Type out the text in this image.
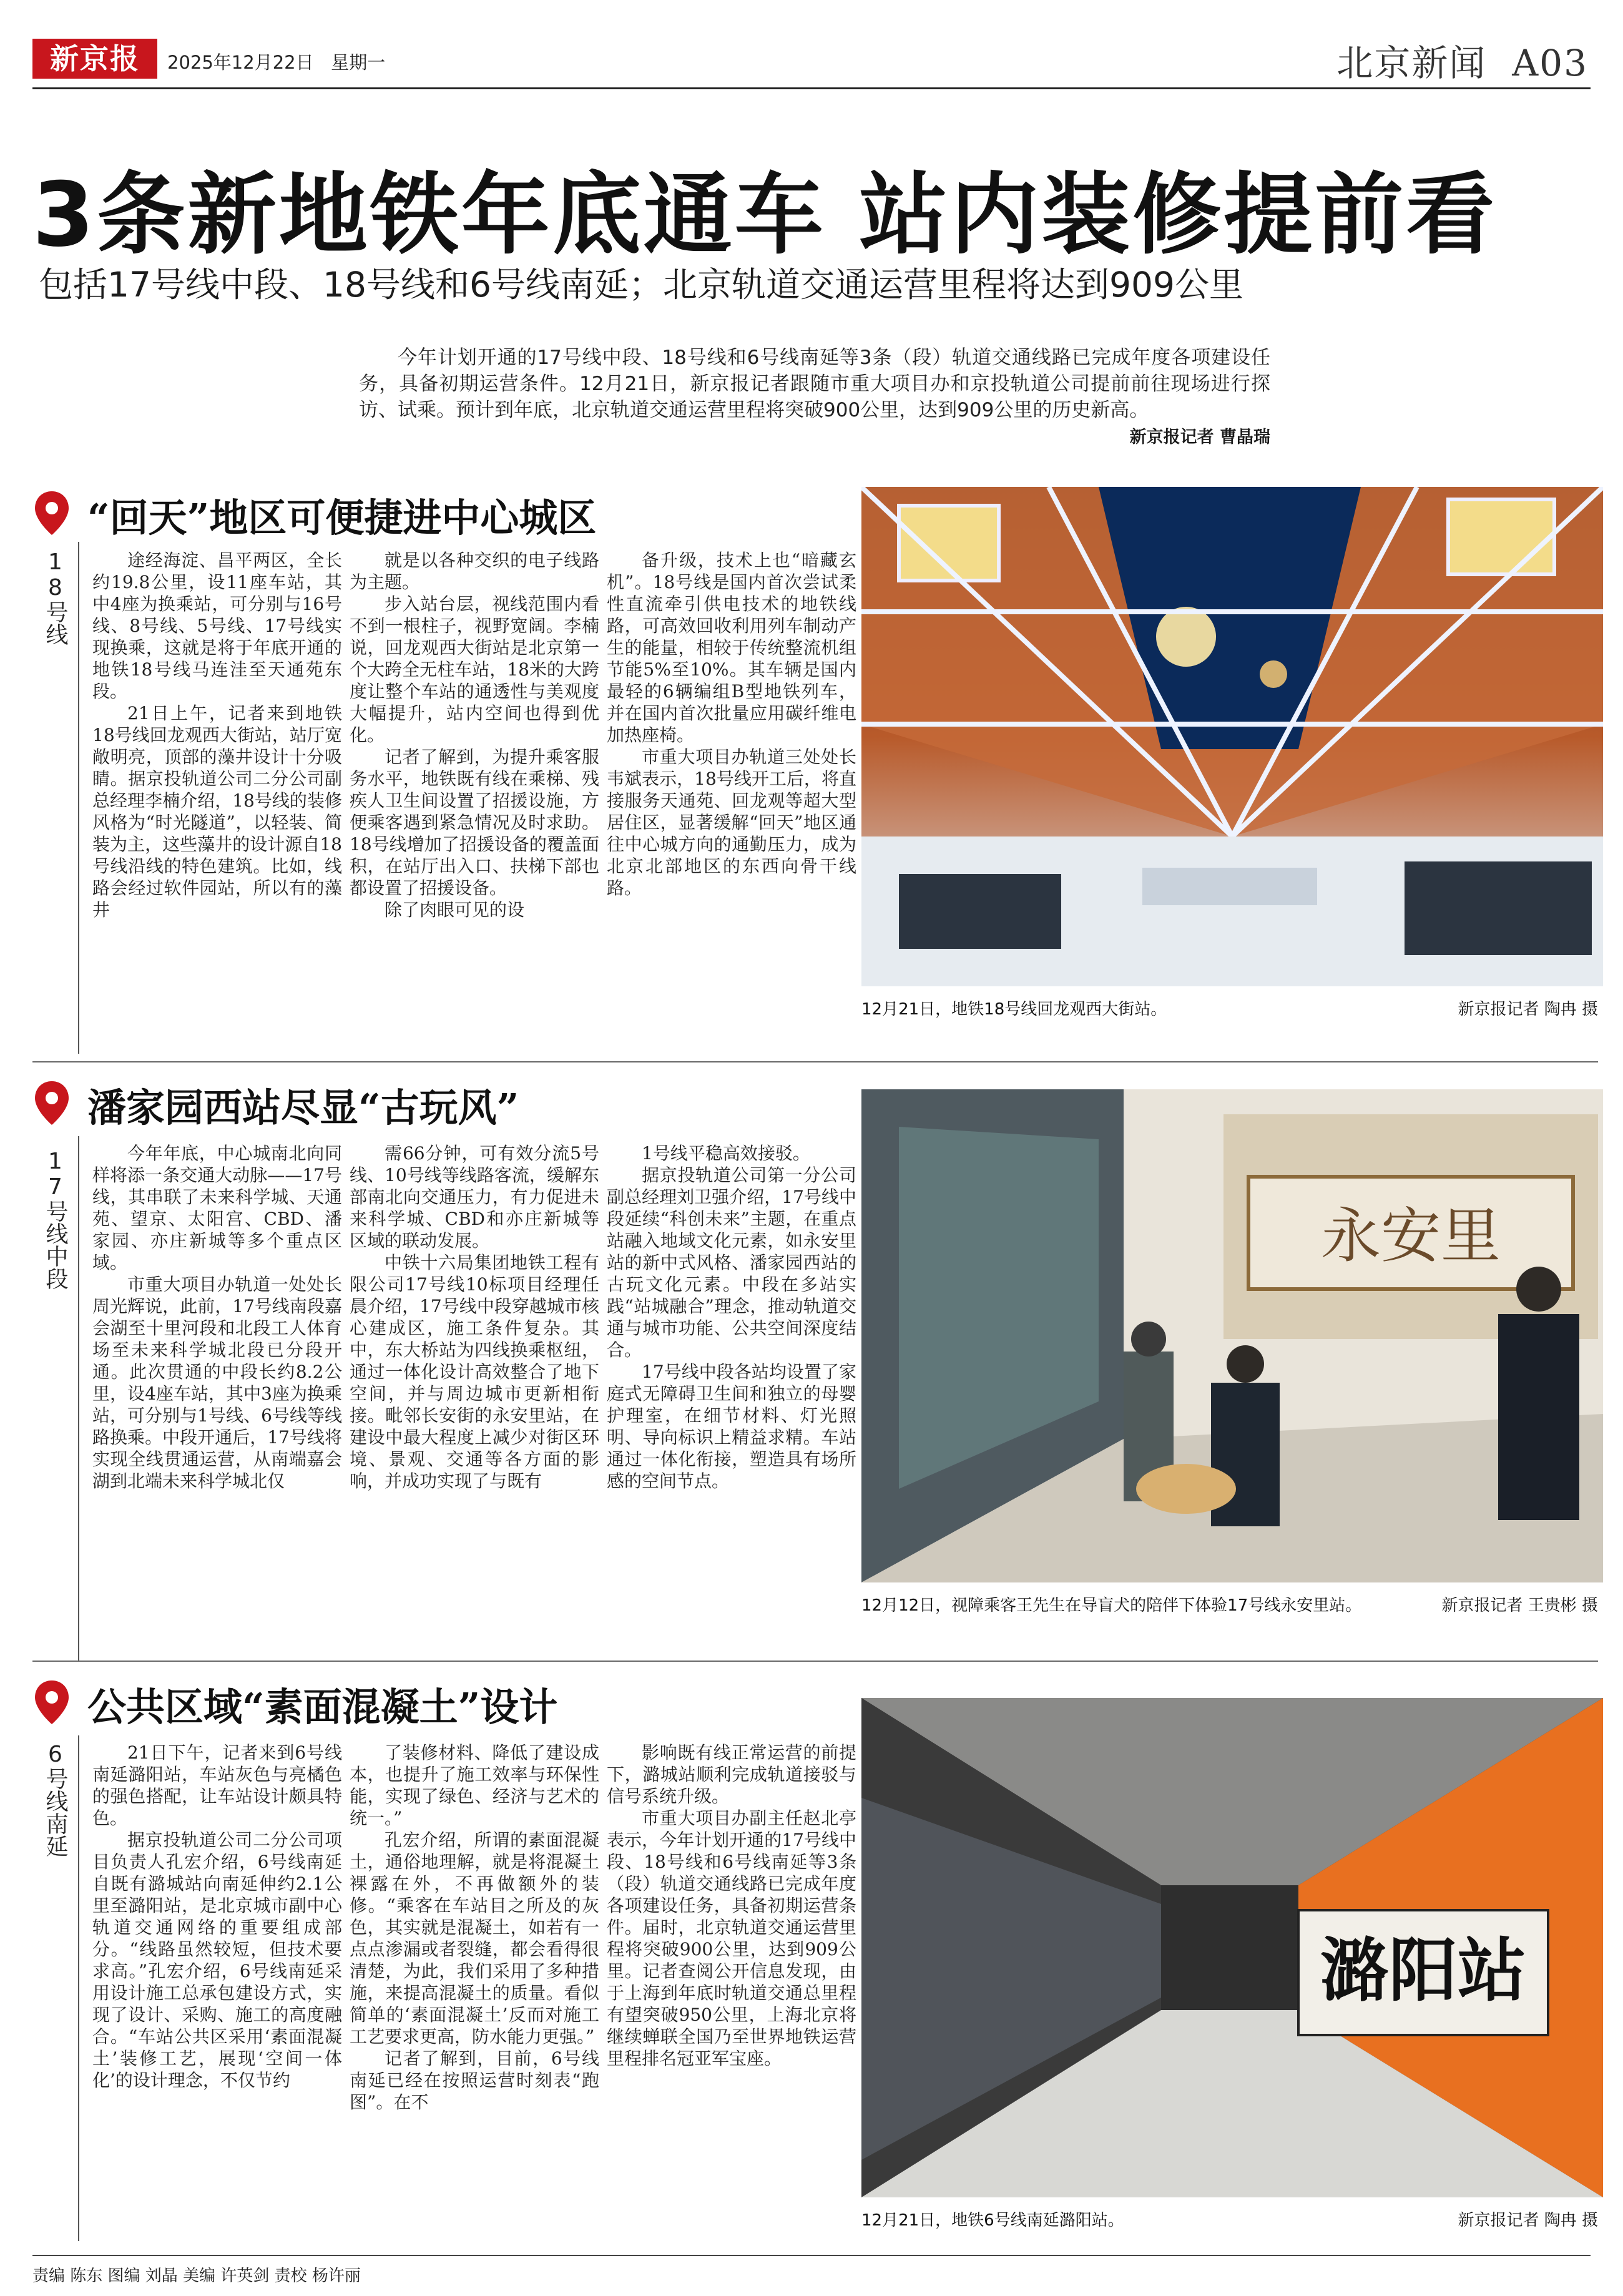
新京报	2025年12月22日 星期一	北京新闻 A03
3条新地铁年底通车 站内装修提前看
包括17号线中段、18号线和6号线南延；北京轨道交通运营里程将达到909公里

今年计划开通的17号线中段、18号线和6号线南延等3条（段）轨道交通线路已完成年度各项建设任务，具备初期运营条件。12月21日，新京报记者跟随市重大项目办和京投轨道公司提前前往现场进行探访、试乘。预计到年底，北京轨道交通运营里程将突破900公里，达到909公里的历史新高。

新京报记者 曹晶瑞
“回天”地区可便捷进中心城区
18号线	途经海淀、昌平两区，全长约19.8公里，设11座车站，其中4座为换乘站，可分别与16号线、8号线、5号线、17号线实现换乘，这就是将于年底开通的地铁18号线马连洼至天通苑东段。

21日上午，记者来到地铁18号线回龙观西大街站，站厅宽敞明亮，顶部的藻井设计十分吸睛。据京投轨道公司二分公司副总经理李楠介绍，18号线的装修风格为“时光隧道”，以轻装、简装为主，这些藻井的设计源自18号线沿线的特色建筑。比如，线路会经过软件园站，所以有的藻井

就是以各种交织的电子线路为主题。

步入站台层，视线范围内看不到一根柱子，视野宽阔。李楠说，回龙观西大街站是北京第一个大跨全无柱车站，18米的大跨度让整个车站的通透性与美观度大幅提升，站内空间也得到优化。

记者了解到，为提升乘客服务水平，地铁既有线在乘梯、残疾人卫生间设置了招援设施，方便乘客遇到紧急情况及时求助。18号线增加了招援设备的覆盖面积，在站厅出入口、扶梯下部也都设置了招援设备。

除了肉眼可见的设

备升级，技术上也“暗藏玄机”。18号线是国内首次尝试柔性直流牵引供电技术的地铁线路，可高效回收利用列车制动产生的能量，相较于传统整流机组节能5%至10%。其车辆是国内最轻的6辆编组B型地铁列车，并在国内首次批量应用碳纤维电加热座椅。

市重大项目办轨道三处处长韦斌表示，18号线开工后，将直接服务天通苑、回龙观等超大型居住区，显著缓解“回天”地区通往中心城方向的通勤压力，成为北京北部地区的东西向骨干线路。

12月21日，地铁18号线回龙观西大街站。	新京报记者 陶冉 摄
潘家园西站尽显“古玩风”
17号线中段	今年年底，中心城南北向同样将添一条交通大动脉——17号线，其串联了未来科学城、天通苑、望京、太阳宫、CBD、潘家园、亦庄新城等多个重点区域。

市重大项目办轨道一处处长周光辉说，此前，17号线南段嘉会湖至十里河段和北段工人体育场至未来科学城北段已分段开通。此次贯通的中段长约8.2公里，设4座车站，其中3座为换乘站，可分别与1号线、6号线等线路换乘。中段开通后，17号线将实现全线贯通运营，从南端嘉会湖到北端未来科学城北仅

需66分钟，可有效分流5号线、10号线等线路客流，缓解东部南北向交通压力，有力促进未来科学城、CBD和亦庄新城等区域的联动发展。

中铁十六局集团地铁工程有限公司17号线10标项目经理任晨介绍，17号线中段穿越城市核心建成区，施工条件复杂。其中，东大桥站为四线换乘枢纽，通过一体化设计高效整合了地下空间，并与周边城市更新相衔接。毗邻长安街的永安里站，在建设中最大程度上减少对街区环境、景观、交通等各方面的影响，并成功实现了与既有

1号线平稳高效接驳。

据京投轨道公司第一分公司副总经理刘卫强介绍，17号线中段延续“科创未来”主题，在重点站融入地域文化元素，如永安里站的新中式风格、潘家园西站的古玩文化元素。中段在多站实践“站城融合”理念，推动轨道交通与城市功能、公共空间深度结合。

17号线中段各站均设置了家庭式无障碍卫生间和独立的母婴护理室，在细节材料、灯光照明、导向标识上精益求精。车站通过一体化衔接，塑造具有场所感的空间节点。

永安里
12月12日，视障乘客王先生在导盲犬的陪伴下体验17号线永安里站。	新京报记者 王贵彬 摄
公共区域“素面混凝土”设计
6号线南延	21日下午，记者来到6号线南延潞阳站，车站灰色与亮橘色的强色搭配，让车站设计颇具特色。

据京投轨道公司二分公司项目负责人孔宏介绍，6号线南延自既有潞城站向南延伸约2.1公里至潞阳站，是北京城市副中心轨道交通网络的重要组成部分。“线路虽然较短，但技术要求高。”孔宏介绍，6号线南延采用设计施工总承包建设方式，实现了设计、采购、施工的高度融合。“车站公共区采用‘素面混凝土’装修工艺，展现‘空间一体化’的设计理念，不仅节约

了装修材料、降低了建设成本，也提升了施工效率与环保性能，实现了绿色、经济与艺术的统一。”

孔宏介绍，所谓的素面混凝土，通俗地理解，就是将混凝土裸露在外，不再做额外的装修。“乘客在车站目之所及的灰色，其实就是混凝土，如若有一点点渗漏或者裂缝，都会看得很清楚，为此，我们采用了多种措施，来提高混凝土的质量。看似简单的‘素面混凝土’反而对施工工艺要求更高，防水能力更强。”

记者了解到，目前，6号线南延已经在按照运营时刻表“跑图”。在不

影响既有线正常运营的前提下，潞城站顺利完成轨道接驳与信号系统升级。

市重大项目办副主任赵北亭表示，今年计划开通的17号线中段、18号线和6号线南延等3条（段）轨道交通线路已完成年度各项建设任务，具备初期运营条件。届时，北京轨道交通运营里程将突破900公里，达到909公里。记者查阅公开信息发现，由于上海到年底时轨道交通总里程有望突破950公里，上海北京将继续蝉联全国乃至世界地铁运营里程排名冠亚军宝座。

潞阳站
12月21日，地铁6号线南延潞阳站。	新京报记者 陶冉 摄
责编 陈东 图编 刘晶 美编 许英剑 责校 杨许丽
